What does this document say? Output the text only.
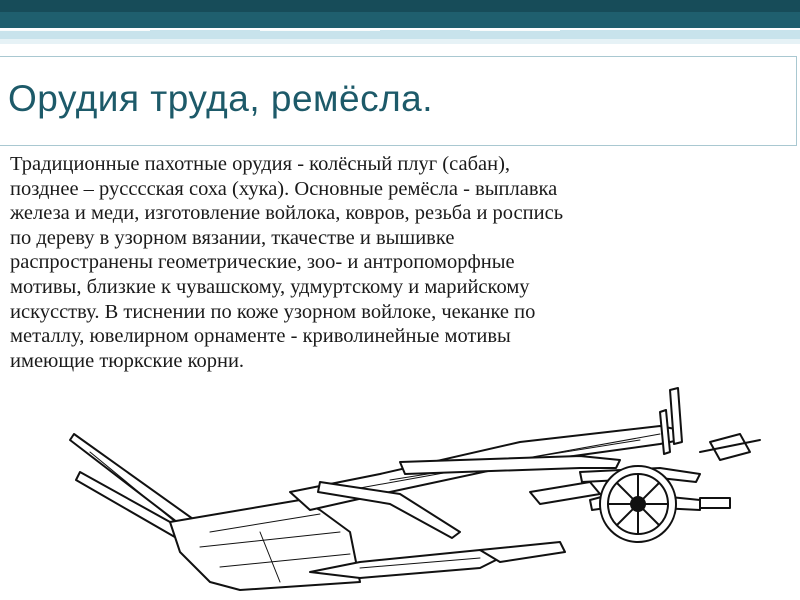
Орудия труда, ремёсла.
Традиционные пахотные орудия - колёсный плуг (сабан),
позднее – русссская соха (хука). Основные ремёсла - выплавка
железа и меди, изготовление войлока, ковров, резьба и роспись
по дереву в узорном вязании, ткачестве и вышивке
распространены геометрические, зоо- и антропоморфные
мотивы, близкие к чувашскому, удмуртскому и марийскому
искусству. В тиснении по коже узорном войлоке, чеканке по
металлу, ювелирном орнаменте - криволинейные мотивы
имеющие тюркские корни.
